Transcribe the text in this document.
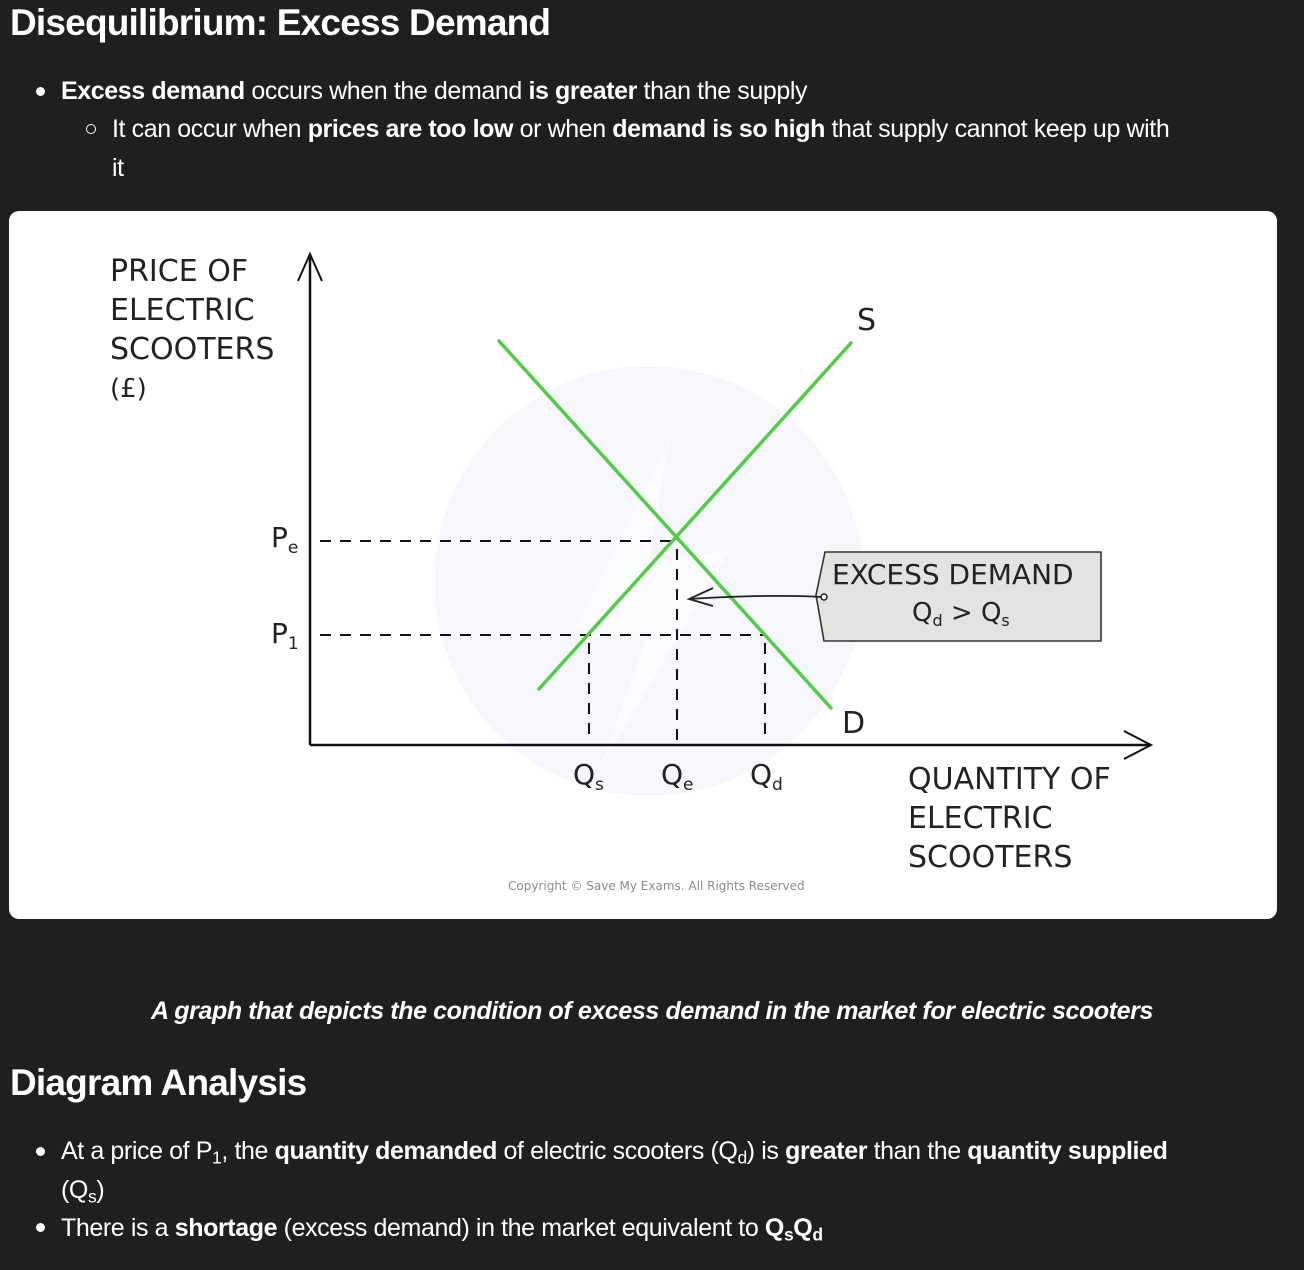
Disequilibrium: Excess Demand
Excess demand occurs when the demand is greater than the supply
It can occur when prices are too low or when demand is so high that supply cannot keep up with
it
PRICE OF
ELECTRIC
SCOOTERS
(£)
S
D
$P_e$
$P_1$
$Q_s$ $Q_e$ $Q_d$	QUANTITY OF
ELECTRIC
SCOOTERS
EXCESS DEMAND
Qd > Qs
Copyright © Save My Exams. All Rights Reserved
A graph that depicts the condition of excess demand in the market for electric scooters
Diagram Analysis
At a price of $P_1$, the quantity demanded of electric scooters $(Q_d)$ is greater than the quantity supplied
$(Q_s)$
There is a shortage (excess demand) in the market equivalent to $Q_sQ_d$
